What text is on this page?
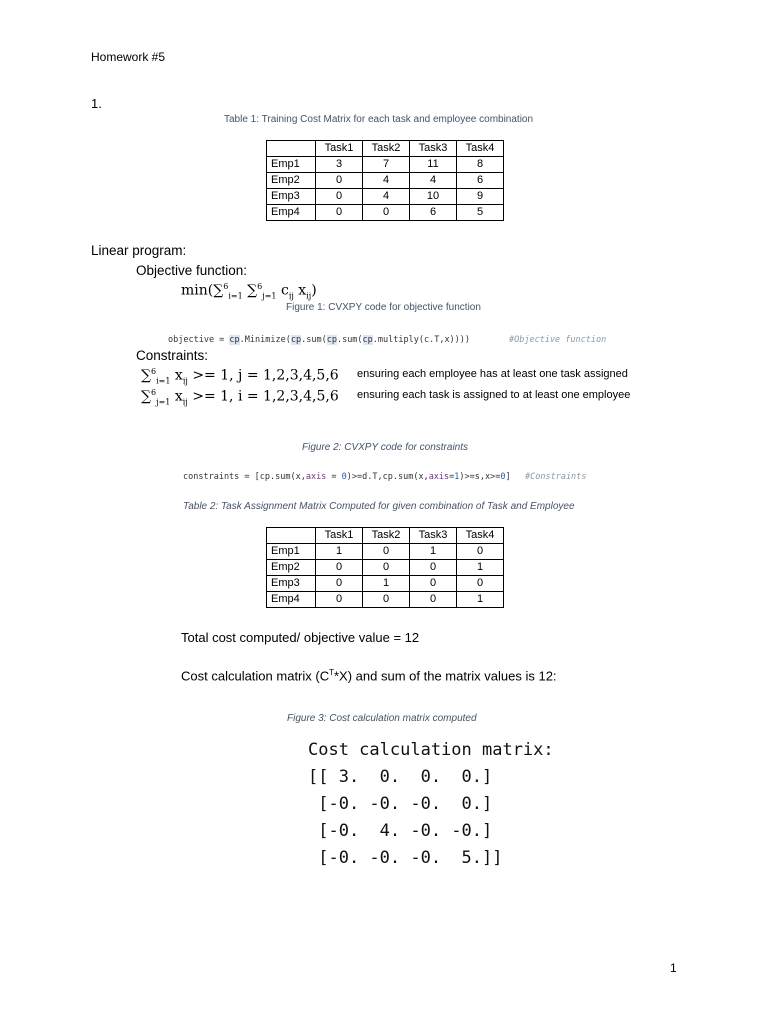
Homework #5
1.
Table 1: Training Cost Matrix for each task and employee combination
	Task1	Task2	Task3	Task4
Emp1	3	7	11	8
Emp2	0	4	4	6
Emp3	0	4	10	9
Emp4	0	0	6	5
Linear program:
Objective function:
min(∑$^6_{i=1}$ ∑$^6_{j=1}$ $c_{ij}$ $x_{ij}$)
Figure 1: CVXPY code for objective function
objective = cp.Minimize(cp.sum(cp.sum(cp.multiply(c.T,x))))	#Objective function
Constraints:
∑$^6_{i=1}$ $x_{ij} >= 1$, j = 1,2,3,4,5,6 ensuring each employee has at least one task assigned
∑$^6_{j=1}$ $x_{ij} >= 1$, i = 1,2,3,4,5,6 ensuring each task is assigned to at least one employee
Figure 2: CVXPY code for constraints
constraints = [cp.sum(x,axis = 0)>=d.T,cp.sum(x,axis=1)>=s,x>=0] #Constraints
Table 2: Task Assignment Matrix Computed for given combination of Task and Employee
	Task1	Task2	Task3	Task4
Emp1	1	0	1	0
Emp2	0	0	0	1
Emp3	0	1	0	0
Emp4	0	0	0	1
Total cost computed/ objective value = 12
Cost calculation matrix $(C^T*X)$ and sum of the matrix values is 12:
Figure 3: Cost calculation matrix computed
Cost calculation matrix:
[[ 3.  0.  0.  0.]
[-0. -0. -0.  0.]
[-0.  4. -0. -0.]
[-0. -0. -0.  5.]]
1
